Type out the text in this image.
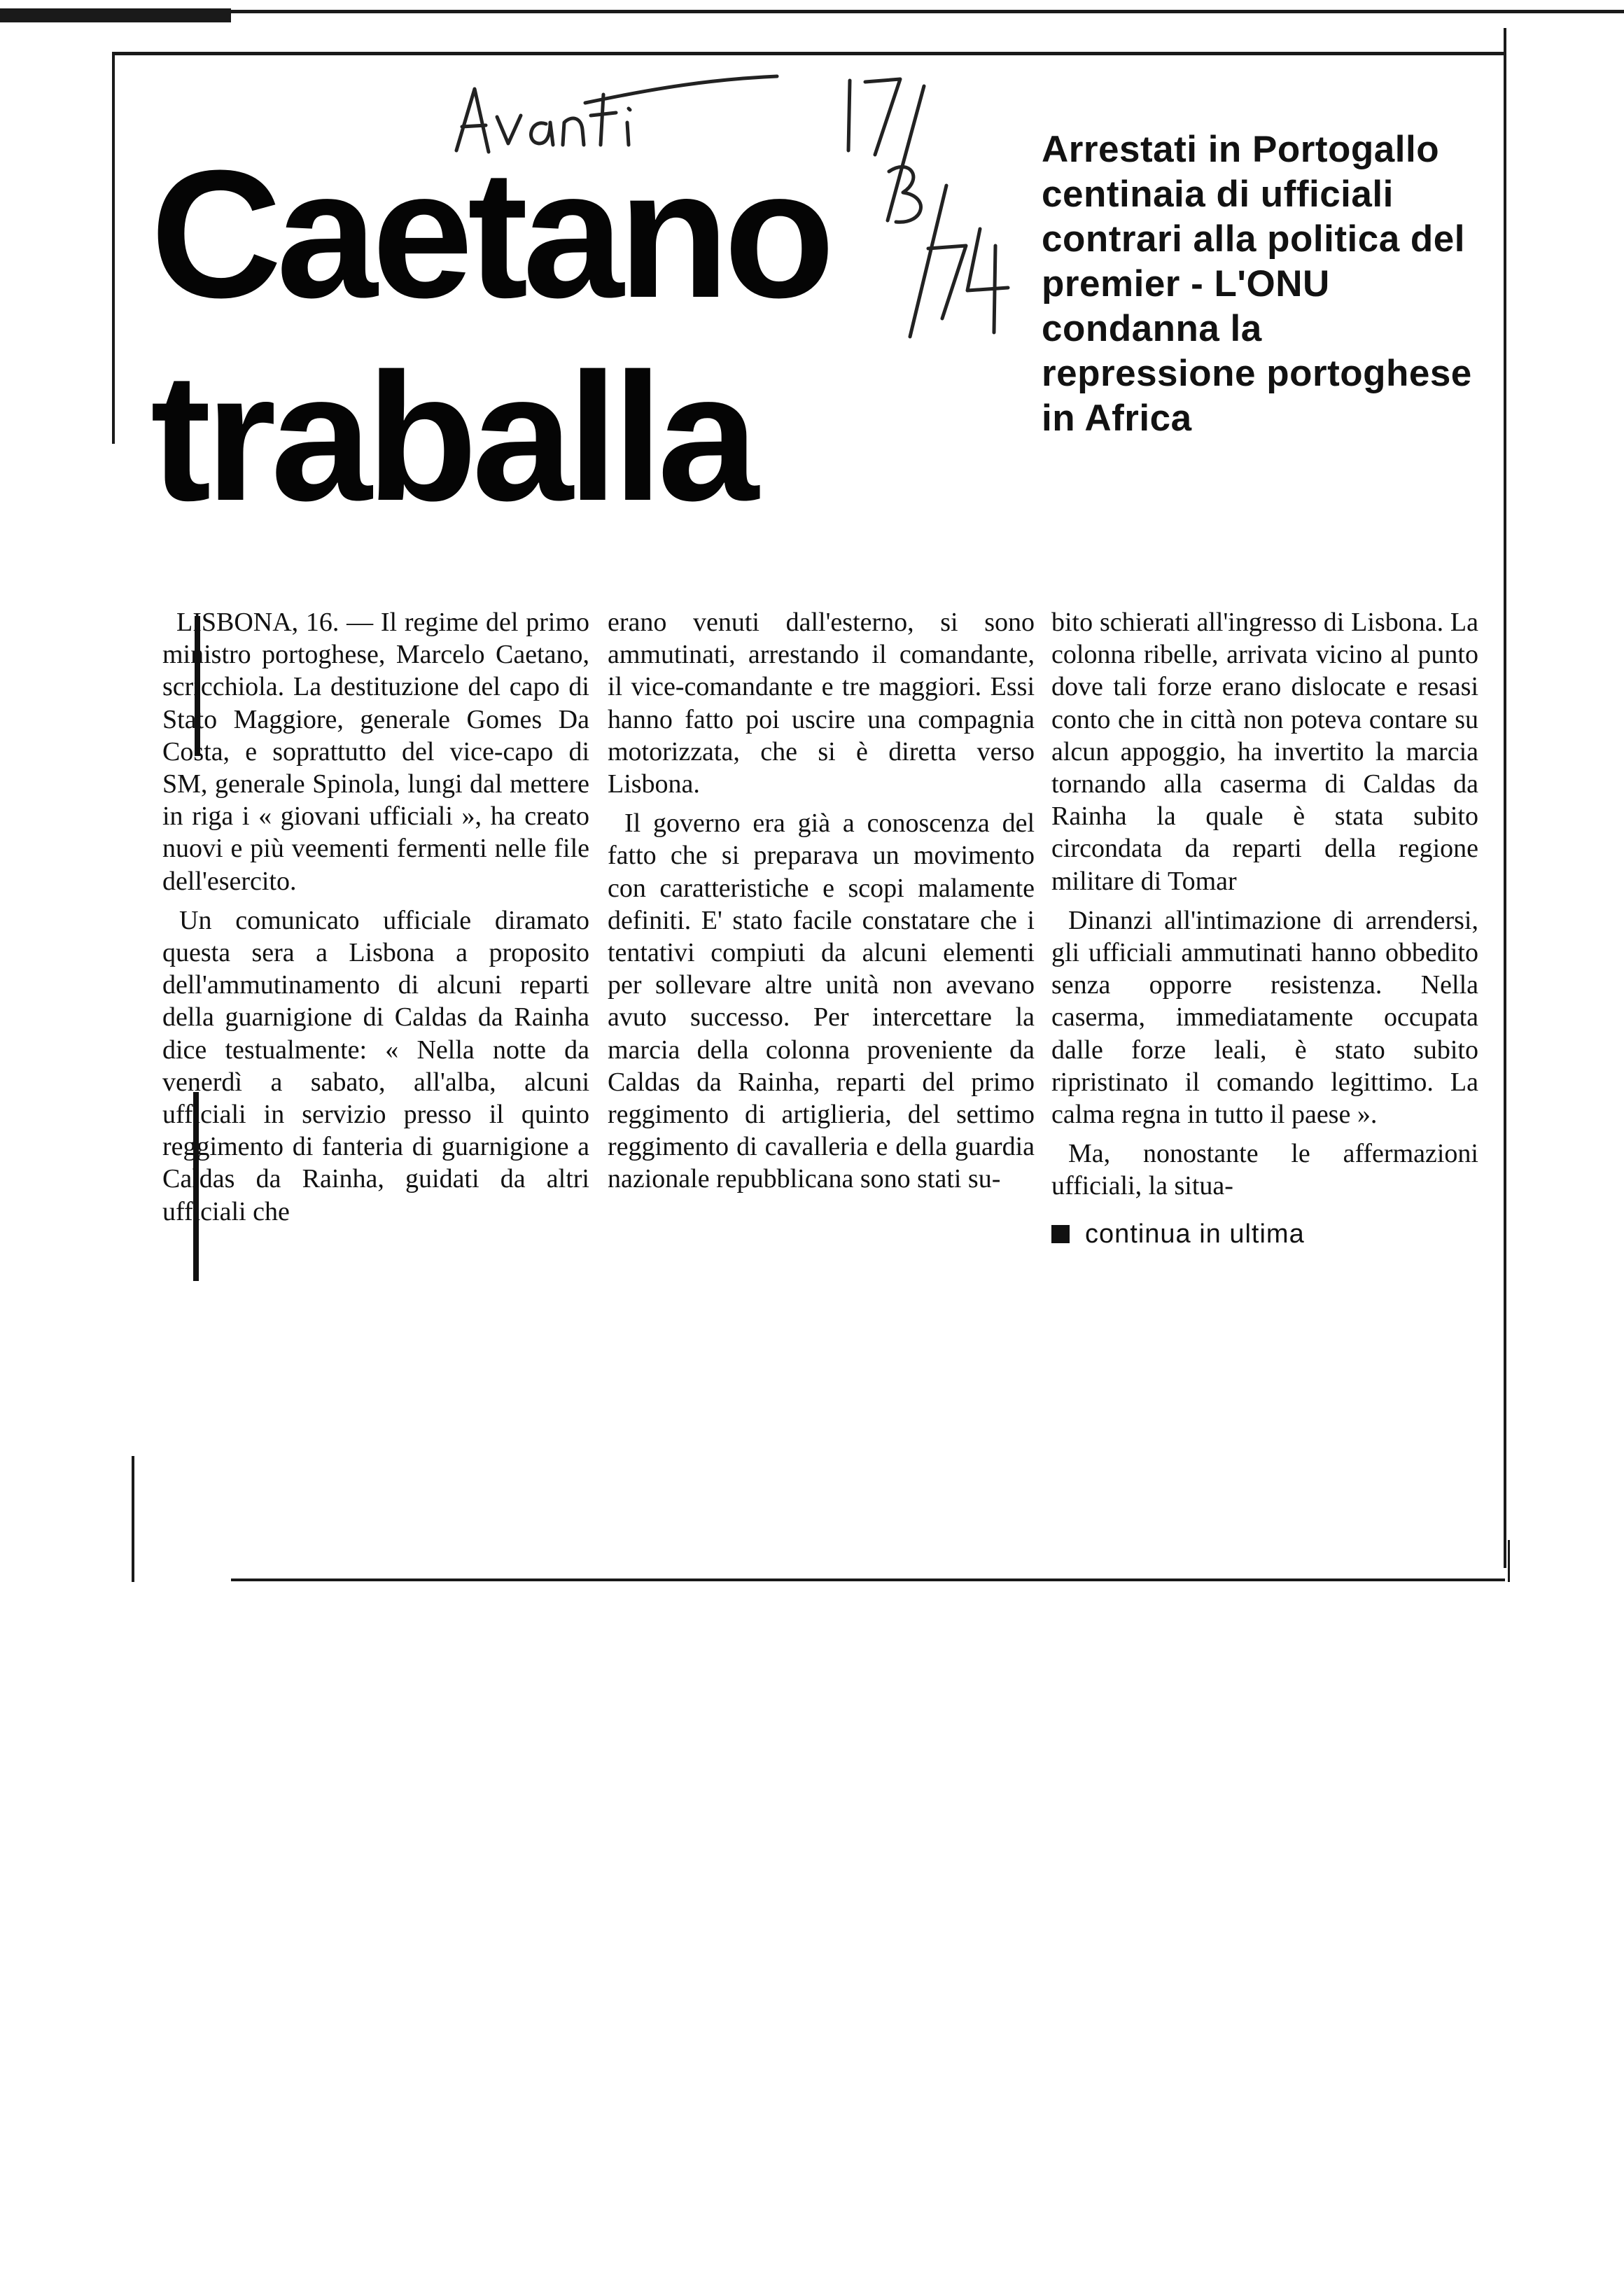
Caetano
traballa
Arrestati in Portogallo centinaia di ufficiali contrari alla politica del premier - L'ONU condanna la repressione portoghese in Africa

LISBONA, 16. — Il regime del primo ministro portoghese, Marcelo Caetano, scricchiola. La destituzione del capo di Stato Maggiore, generale Gomes Da Costa, e soprattutto del vice-capo di SM, generale Spinola, lungi dal mettere in riga i « giovani ufficiali », ha creato nuovi e più veementi fermenti nelle file dell'esercito.

Un comunicato ufficiale diramato questa sera a Lisbona a proposito dell'ammutinamento di alcuni reparti della guarnigione di Caldas da Rainha dice testualmente: « Nella notte da venerdì a sabato, all'alba, alcuni ufficiali in servizio presso il quinto reggimento di fanteria di guarnigione a Caldas da Rainha, guidati da altri ufficiali che

erano venuti dall'esterno, si sono ammutinati, arrestando il comandante, il vice-comandante e tre maggiori. Essi hanno fatto poi uscire una compagnia motorizzata, che si è diretta verso Lisbona.

Il governo era già a conoscenza del fatto che si preparava un movimento con caratteristiche e scopi malamente definiti. E' stato facile constatare che i tentativi compiuti da alcuni elementi per sollevare altre unità non avevano avuto successo. Per intercettare la marcia della colonna proveniente da Caldas da Rainha, reparti del primo reggimento di artiglieria, del settimo reggimento di cavalleria e della guardia nazionale repubblicana sono stati su-

bito schierati all'ingresso di Lisbona. La colonna ribelle, arrivata vicino al punto dove tali forze erano dislocate e resasi conto che in città non poteva contare su alcun appoggio, ha invertito la marcia tornando alla caserma di Caldas da Rainha la quale è stata subito circondata da reparti della regione militare di Tomar

Dinanzi all'intimazione di arrendersi, gli ufficiali ammutinati hanno obbedito senza opporre resistenza. Nella caserma, immediatamente occupata dalle forze leali, è stato subito ripristinato il comando legittimo. La calma regna in tutto il paese ».

Ma, nonostante le affermazioni ufficiali, la situa-

continua in ultima
